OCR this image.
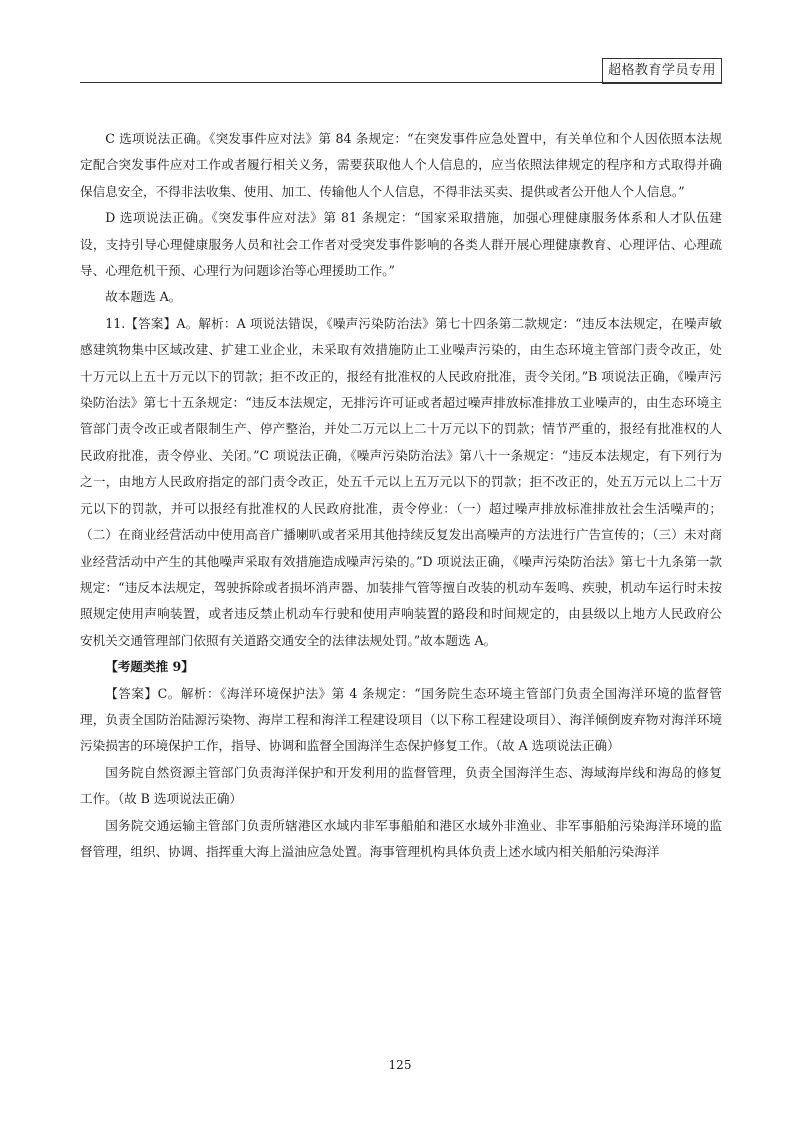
超格教育学员专用

C 选项说法正确。《突发事件应对法》第 84 条规定：“在突发事件应急处置中，有关单位和个人因依照本法规定配合突发事件应对工作或者履行相关义务，需要获取他人个人信息的，应当依照法律规定的程序和方式取得并确保信息安全，不得非法收集、使用、加工、传输他人个人信息，不得非法买卖、提供或者公开他人个人信息。”

D 选项说法正确。《突发事件应对法》第 81 条规定：“国家采取措施，加强心理健康服务体系和人才队伍建设，支持引导心理健康服务人员和社会工作者对受突发事件影响的各类人群开展心理健康教育、心理评估、心理疏导、心理危机干预、心理行为问题诊治等心理援助工作。”

故本题选 A。

11.【答案】A。解析：A 项说法错误，《噪声污染防治法》第七十四条第二款规定：“违反本法规定，在噪声敏感建筑物集中区域改建、扩建工业企业，未采取有效措施防止工业噪声污染的，由生态环境主管部门责令改正，处十万元以上五十万元以下的罚款；拒不改正的，报经有批准权的人民政府批准，责令关闭。”B 项说法正确，《噪声污染防治法》第七十五条规定：“违反本法规定，无排污许可证或者超过噪声排放标准排放工业噪声的，由生态环境主管部门责令改正或者限制生产、停产整治，并处二万元以上二十万元以下的罚款；情节严重的，报经有批准权的人民政府批准，责令停业、关闭。”C 项说法正确，《噪声污染防治法》第八十一条规定：“违反本法规定，有下列行为之一，由地方人民政府指定的部门责令改正，处五千元以上五万元以下的罚款；拒不改正的，处五万元以上二十万元以下的罚款，并可以报经有批准权的人民政府批准，责令停业：（一）超过噪声排放标准排放社会生活噪声的；（二）在商业经营活动中使用高音广播喇叭或者采用其他持续反复发出高噪声的方法进行广告宣传的；（三）未对商业经营活动中产生的其他噪声采取有效措施造成噪声污染的。”D 项说法正确，《噪声污染防治法》第七十九条第一款规定：“违反本法规定，驾驶拆除或者损坏消声器、加装排气管等擅自改装的机动车轰鸣、疾驶，机动车运行时未按照规定使用声响装置，或者违反禁止机动车行驶和使用声响装置的路段和时间规定的，由县级以上地方人民政府公安机关交通管理部门依照有关道路交通安全的法律法规处罚。”故本题选 A。

【考题类推 9】

【答案】C。解析：《海洋环境保护法》第 4 条规定：“国务院生态环境主管部门负责全国海洋环境的监督管理，负责全国防治陆源污染物、海岸工程和海洋工程建设项目（以下称工程建设项目）、海洋倾倒废弃物对海洋环境污染损害的环境保护工作，指导、协调和监督全国海洋生态保护修复工作。（故 A 选项说法正确）

国务院自然资源主管部门负责海洋保护和开发利用的监督管理，负责全国海洋生态、海域海岸线和海岛的修复工作。（故 B 选项说法正确）

国务院交通运输主管部门负责所辖港区水域内非军事船舶和港区水域外非渔业、非军事船舶污染海洋环境的监督管理，组织、协调、指挥重大海上溢油应急处置。海事管理机构具体负责上述水域内相关船舶污染海洋

125
